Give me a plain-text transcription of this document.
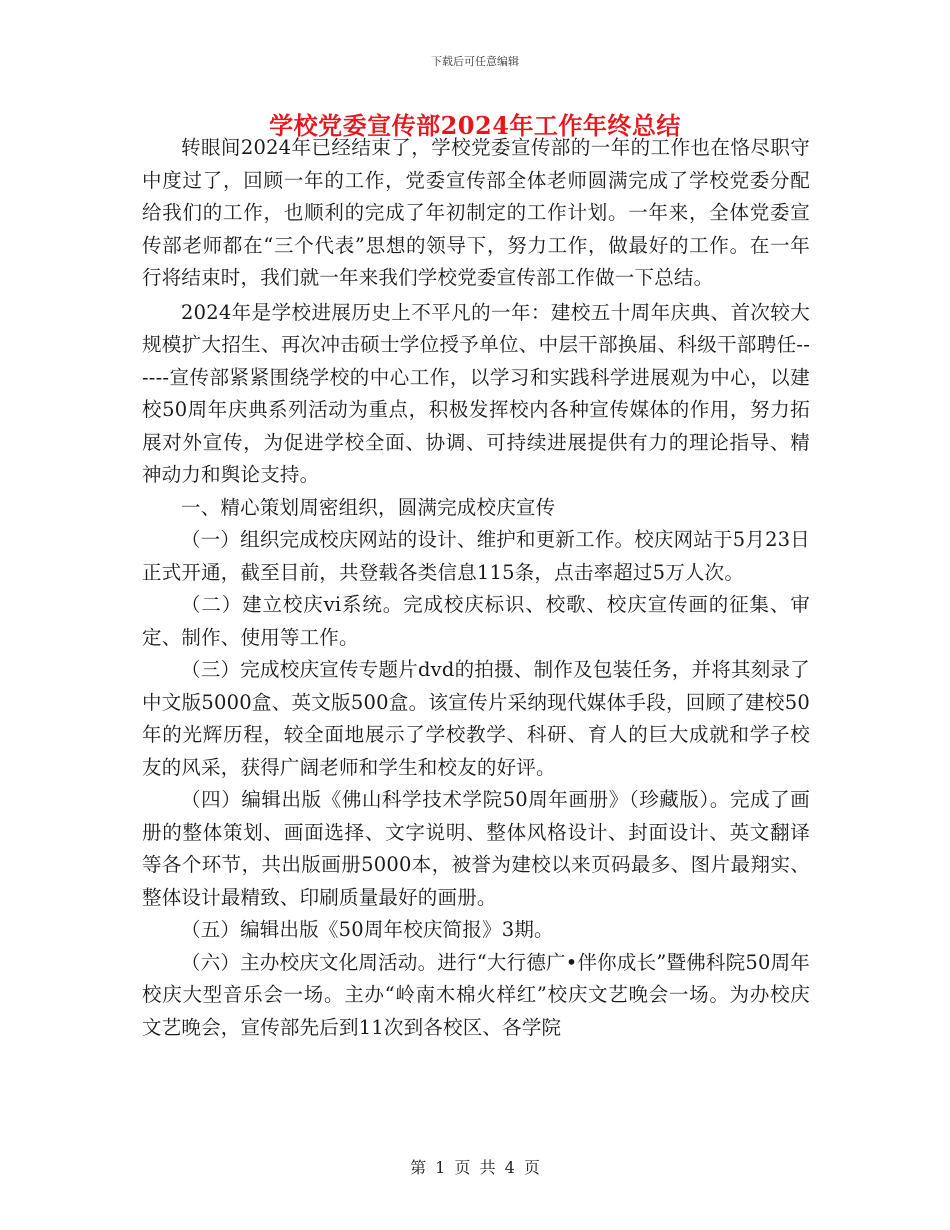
下载后可任意编辑
学校党委宣传部2024年工作年终总结

转眼间2024年已经结束了，学校党委宣传部的一年的工作也在恪尽职守中度过了，回顾一年的工作，党委宣传部全体老师圆满完成了学校党委分配给我们的工作，也顺利的完成了年初制定的工作计划。一年来，全体党委宣传部老师都在“三个代表”思想的领导下，努力工作，做最好的工作。在一年行将结束时，我们就一年来我们学校党委宣传部工作做一下总结。

2024年是学校进展历史上不平凡的一年：建校五十周年庆典、首次较大规模扩大招生、再次冲击硕士学位授予单位、中层干部换届、科级干部聘任------宣传部紧紧围绕学校的中心工作，以学习和实践科学进展观为中心，以建校50周年庆典系列活动为重点，积极发挥校内各种宣传媒体的作用，努力拓展对外宣传，为促进学校全面、协调、可持续进展提供有力的理论指导、精神动力和舆论支持。

一、精心策划周密组织，圆满完成校庆宣传

（一）组织完成校庆网站的设计、维护和更新工作。校庆网站于5月23日正式开通，截至目前，共登载各类信息115条，点击率超过5万人次。

（二）建立校庆vi系统。完成校庆标识、校歌、校庆宣传画的征集、审定、制作、使用等工作。

（三）完成校庆宣传专题片dvd的拍摄、制作及包装任务，并将其刻录了中文版5000盒、英文版500盒。该宣传片采纳现代媒体手段，回顾了建校50年的光辉历程，较全面地展示了学校教学、科研、育人的巨大成就和学子校友的风采，获得广阔老师和学生和校友的好评。

（四）编辑出版《佛山科学技术学院50周年画册》（珍藏版）。完成了画册的整体策划、画面选择、文字说明、整体风格设计、封面设计、英文翻译等各个环节，共出版画册5000本，被誉为建校以来页码最多、图片最翔实、整体设计最精致、印刷质量最好的画册。

（五）编辑出版《50周年校庆简报》3期。

（六）主办校庆文化周活动。进行“大行德广•伴你成长”暨佛科院50周年校庆大型音乐会一场。主办“岭南木棉火样红”校庆文艺晚会一场。为办校庆文艺晚会，宣传部先后到11次到各校区、各学院

第 1 页 共 4 页
